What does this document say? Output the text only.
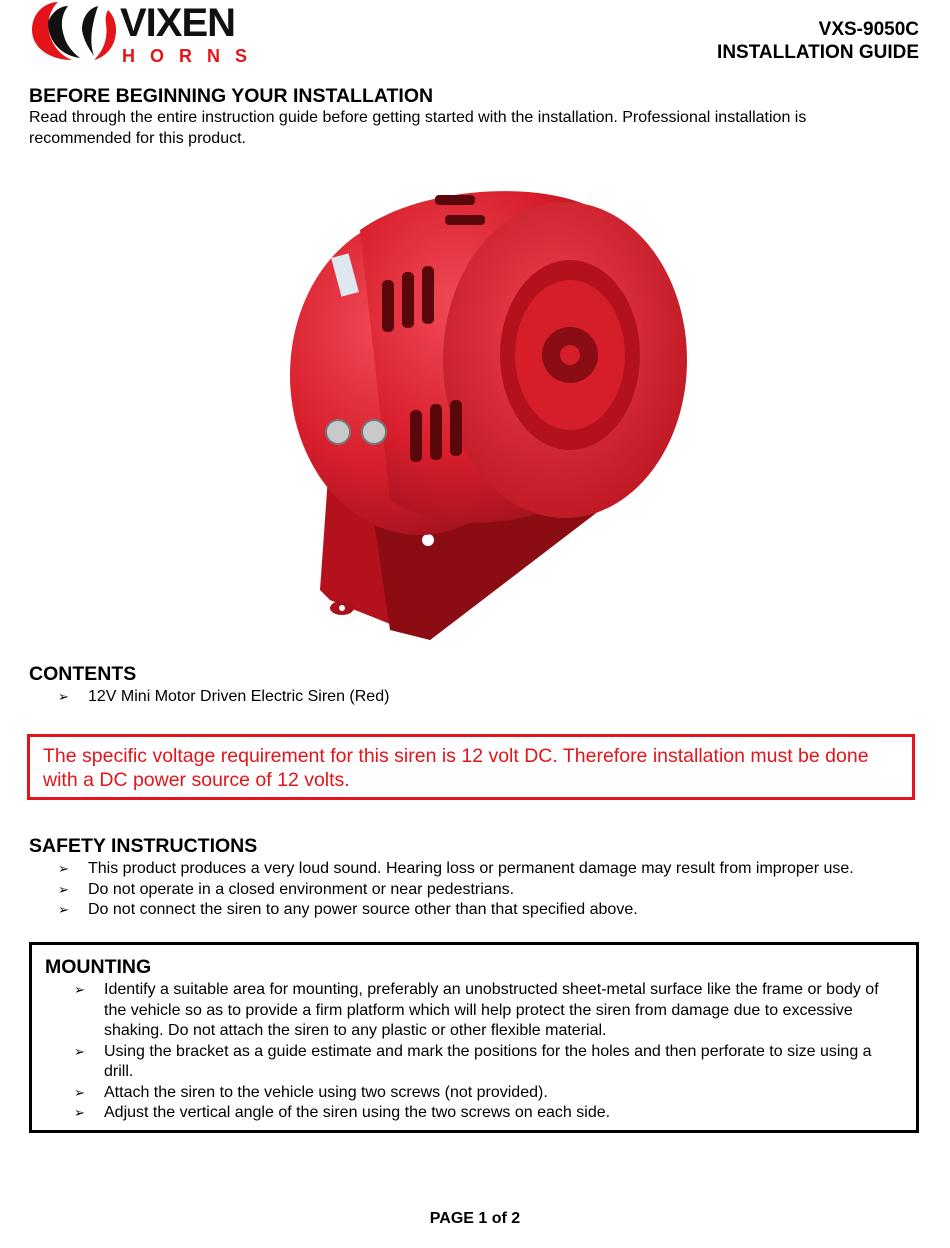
VIXEN
HORNS
VXS-9050C
INSTALLATION GUIDE
BEFORE BEGINNING YOUR INSTALLATION
Read through the entire instruction guide before getting started with the installation. Professional installation is recommended for this product.
CONTENTS
➢ 12V Mini Motor Driven Electric Siren (Red)
The specific voltage requirement for this siren is 12 volt DC. Therefore installation must be done with a DC power source of 12 volts.
SAFETY INSTRUCTIONS
➢ This product produces a very loud sound. Hearing loss or permanent damage may result from improper use.
➢ Do not operate in a closed environment or near pedestrians.
➢ Do not connect the siren to any power source other than that specified above.
MOUNTING
➢ Identify a suitable area for mounting, preferably an unobstructed sheet-metal surface like the frame or body of the vehicle so as to provide a firm platform which will help protect the siren from damage due to excessive shaking. Do not attach the siren to any plastic or other flexible material.
➢ Using the bracket as a guide estimate and mark the positions for the holes and then perforate to size using a drill.
➢ Attach the siren to the vehicle using two screws (not provided).
➢ Adjust the vertical angle of the siren using the two screws on each side.
PAGE 1 of 2
